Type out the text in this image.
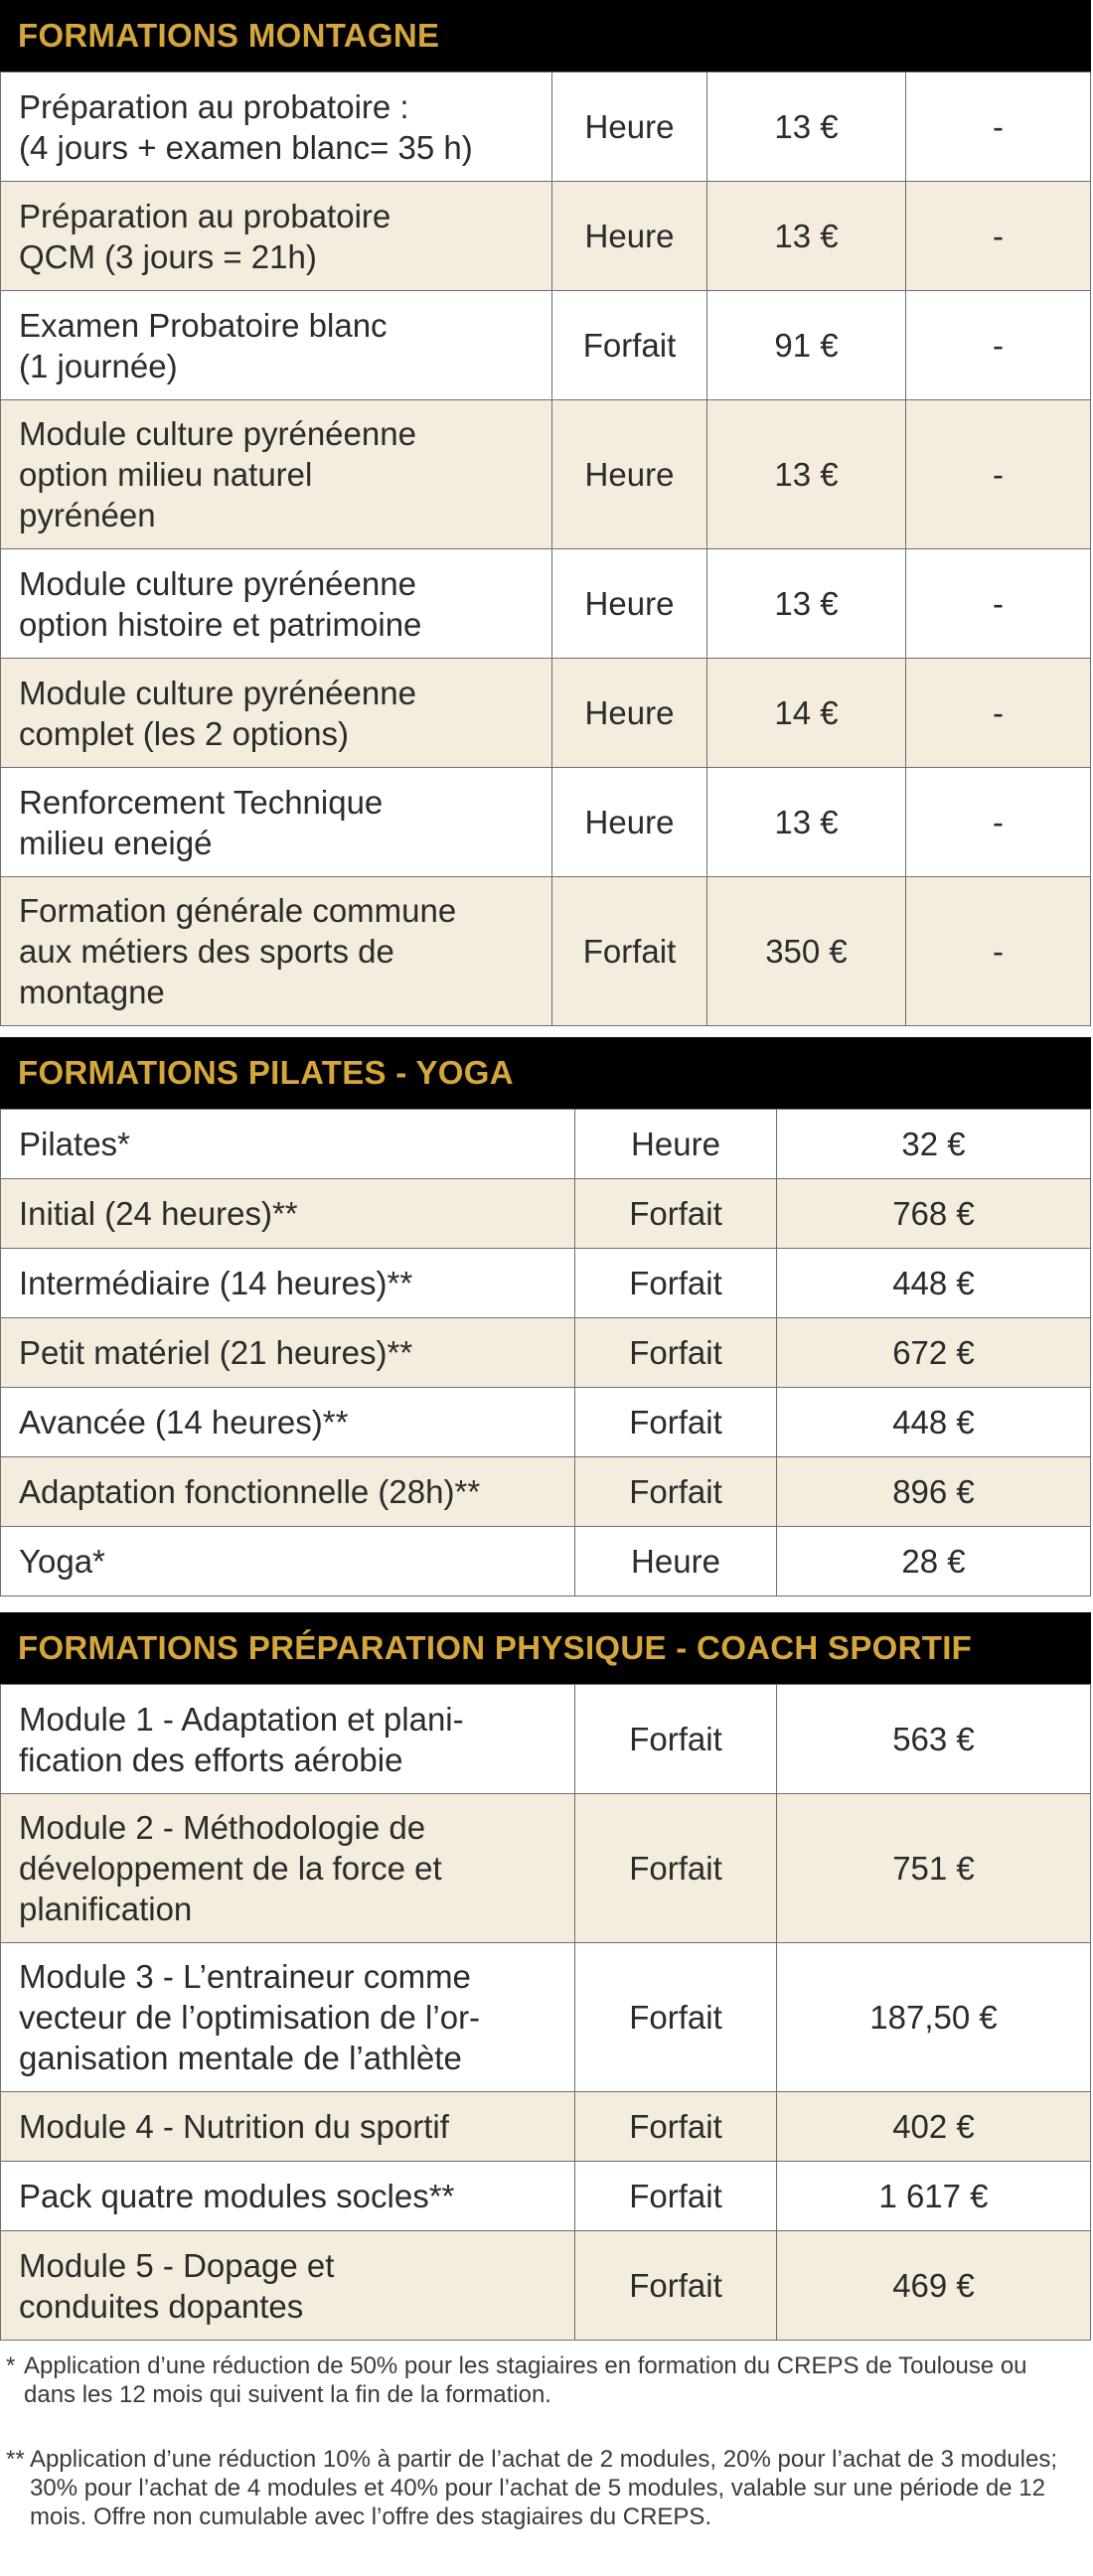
FORMATIONS MONTAGNE
Préparation au probatoire :
(4 jours + examen blanc= 35 h)	Heure	13 €	-
Préparation au probatoire
QCM (3 jours = 21h)	Heure	13 €	-
Examen Probatoire blanc
(1 journée)	Forfait	91 €	-
Module culture pyrénéenne
option milieu naturel
pyrénéen	Heure	13 €	-
Module culture pyrénéenne
option histoire et patrimoine	Heure	13 €	-
Module culture pyrénéenne
complet (les 2 options)	Heure	14 €	-
Renforcement Technique
milieu eneigé	Heure	13 €	-
Formation générale commune
aux métiers des sports de
montagne	Forfait	350 €	-
FORMATIONS PILATES - YOGA
Pilates*	Heure	32 €
Initial (24 heures)**	Forfait	768 €
Intermédiaire (14 heures)**	Forfait	448 €
Petit matériel (21 heures)**	Forfait	672 €
Avancée (14 heures)**	Forfait	448 €
Adaptation fonctionnelle (28h)**	Forfait	896 €
Yoga*	Heure	28 €
FORMATIONS PRÉPARATION PHYSIQUE - COACH SPORTIF
Module 1 - Adaptation et plani-
fication des efforts aérobie	Forfait	563 €
Module 2 - Méthodologie de
développement de la force et
planification	Forfait	751 €
Module 3 - L’entraineur comme
vecteur de l’optimisation de l’or-
ganisation mentale de l’athlète	Forfait	187,50 €
Module 4 - Nutrition du sportif	Forfait	402 €
Pack quatre modules socles**	Forfait	1 617 €
Module 5 - Dopage et
conduites dopantes	Forfait	469 €
* Application d’une réduction de 50% pour les stagiaires en formation du CREPS de Toulouse ou dans les 12 mois qui suivent la fin de la formation.
** Application d’une réduction 10% à partir de l’achat de 2 modules, 20% pour l’achat de 3 modules; 30% pour l’achat de 4 modules et 40% pour l’achat de 5 modules, valable sur une période de 12 mois. Offre non cumulable avec l’offre des stagiaires du CREPS.
